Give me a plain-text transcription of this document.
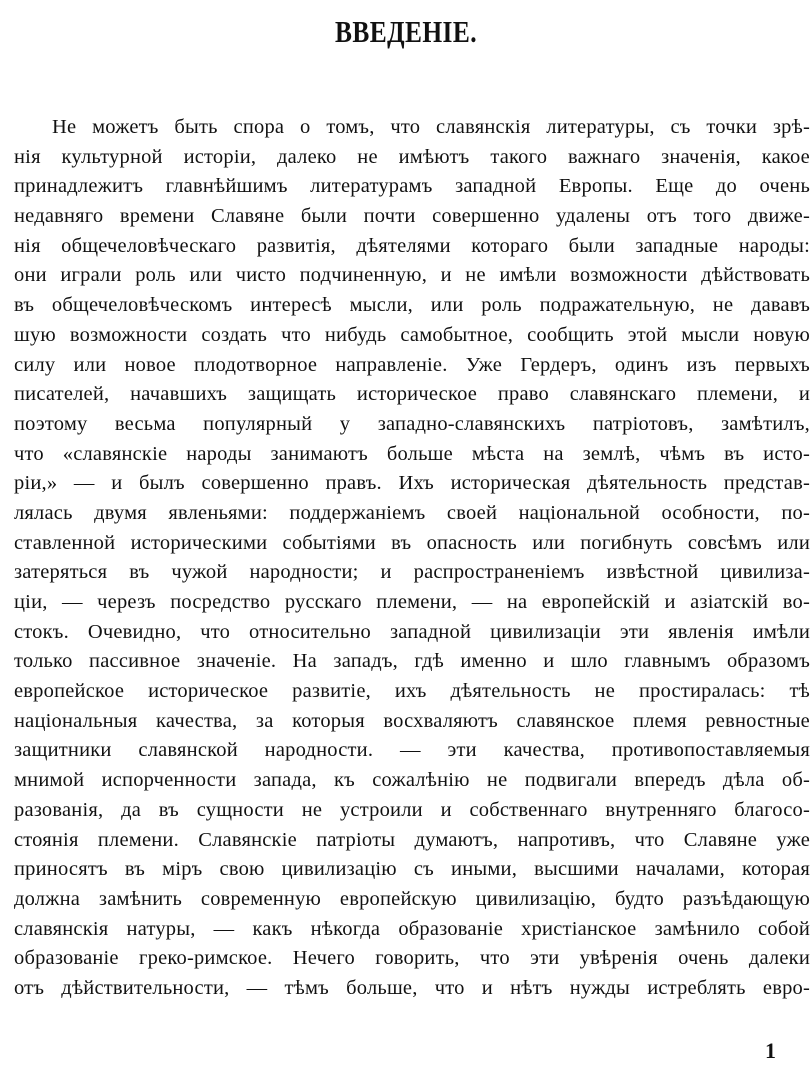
ВВЕДЕНІЕ.
Не можетъ быть спора о томъ, что славянскія литературы, съ точки зрѣ-
нія культурной исторіи, далеко не имѣютъ такого важнаго значенія, какое
принадлежитъ главнѣйшимъ литературамъ западной Европы. Еще до очень
недавняго времени Славяне были почти совершенно удалены отъ того движе-
нія общечеловѣческаго развитія, дѣятелями котораго были западные народы:
они играли роль или чисто подчиненную, и не имѣли возможности дѣйствовать
въ общечеловѣческомъ интересѣ мысли, или роль подражательную, не дававъ
шую возможности создать что нибудь самобытное, сообщить этой мысли новую
силу или новое плодотворное направленіе. Уже Гердеръ, одинъ изъ первыхъ
писателей, начавшихъ защищать историческое право славянскаго племени, и
поэтому весьма популярный у западно-славянскихъ патріотовъ, замѣтилъ,
что «славянскіе народы занимаютъ больше мѣста на землѣ, чѣмъ въ исто-
ріи,» — и былъ совершенно правъ. Ихъ историческая дѣятельность представ-
лялась двумя явленьями: поддержаніемъ своей національной особности, по-
ставленной историческими событіями въ опасность или погибнуть совсѣмъ или
затеряться въ чужой народности; и распространеніемъ извѣстной цивилиза-
ціи, — черезъ посредство русскаго племени, — на европейскій и азіатскій во-
стокъ. Очевидно, что относительно западной цивилизаціи эти явленія имѣли
только пассивное значеніе. На западъ, гдѣ именно и шло главнымъ образомъ
европейское историческое развитіе, ихъ дѣятельность не простиралась: тѣ
національныя качества, за которыя восхваляютъ славянское племя ревностные
защитники славянской народности. — эти качества, противопоставляемыя
мнимой испорченности запада, къ сожалѣнію не подвигали впередъ дѣла об-
разованія, да въ сущности не устроили и собственнаго внутренняго благосо-
стоянія племени. Славянскіе патріоты думаютъ, напротивъ, что Славяне уже
приносятъ въ міръ свою цивилизацію съ иными, высшими началами, которая
должна замѣнить современную европейскую цивилизацію, будто разъѣдающую
славянскія натуры, — какъ нѣкогда образованіе христіанское замѣнило собой
образованіе греко-римское. Нечего говорить, что эти увѣренія очень далеки
отъ дѣйствительности, — тѣмъ больше, что и нѣтъ нужды истреблять евро-
1
